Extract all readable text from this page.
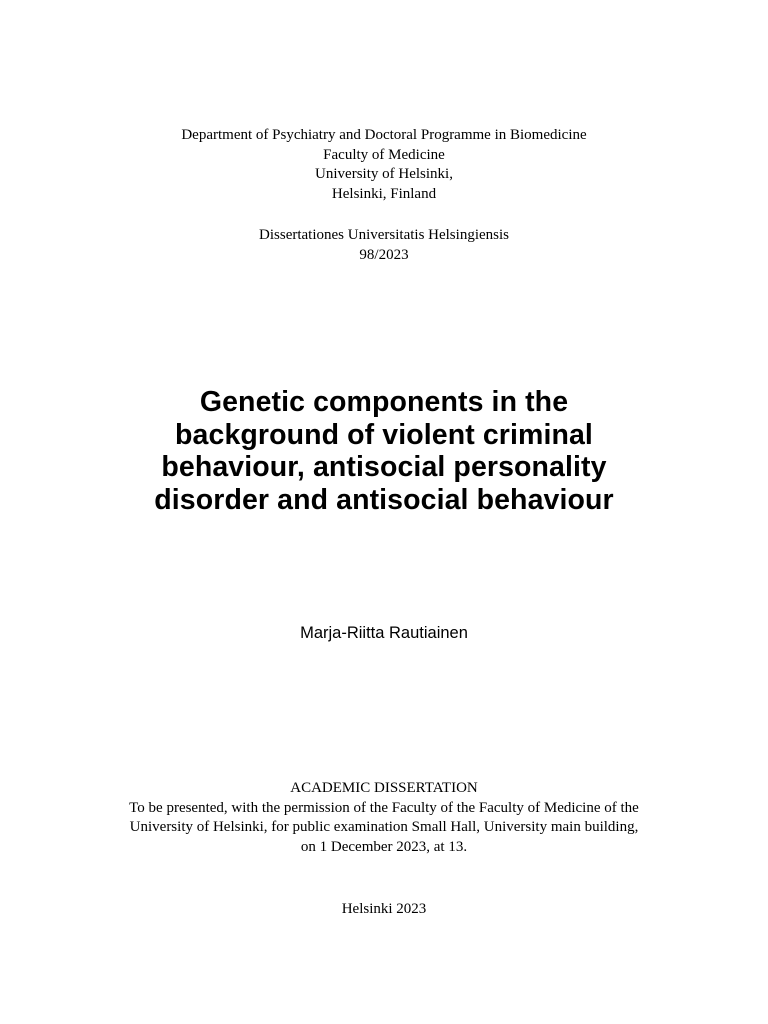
Department of Psychiatry and Doctoral Programme in Biomedicine
Faculty of Medicine
University of Helsinki,
Helsinki, Finland
Dissertationes Universitatis Helsingiensis
98/2023
Genetic components in the
background of violent criminal
behaviour, antisocial personality
disorder and antisocial behaviour
Marja-Riitta Rautiainen
ACADEMIC DISSERTATION
To be presented, with the permission of the Faculty of the Faculty of Medicine of the University of Helsinki, for public examination Small Hall, University main building,
on 1 December 2023, at 13.
Helsinki 2023
